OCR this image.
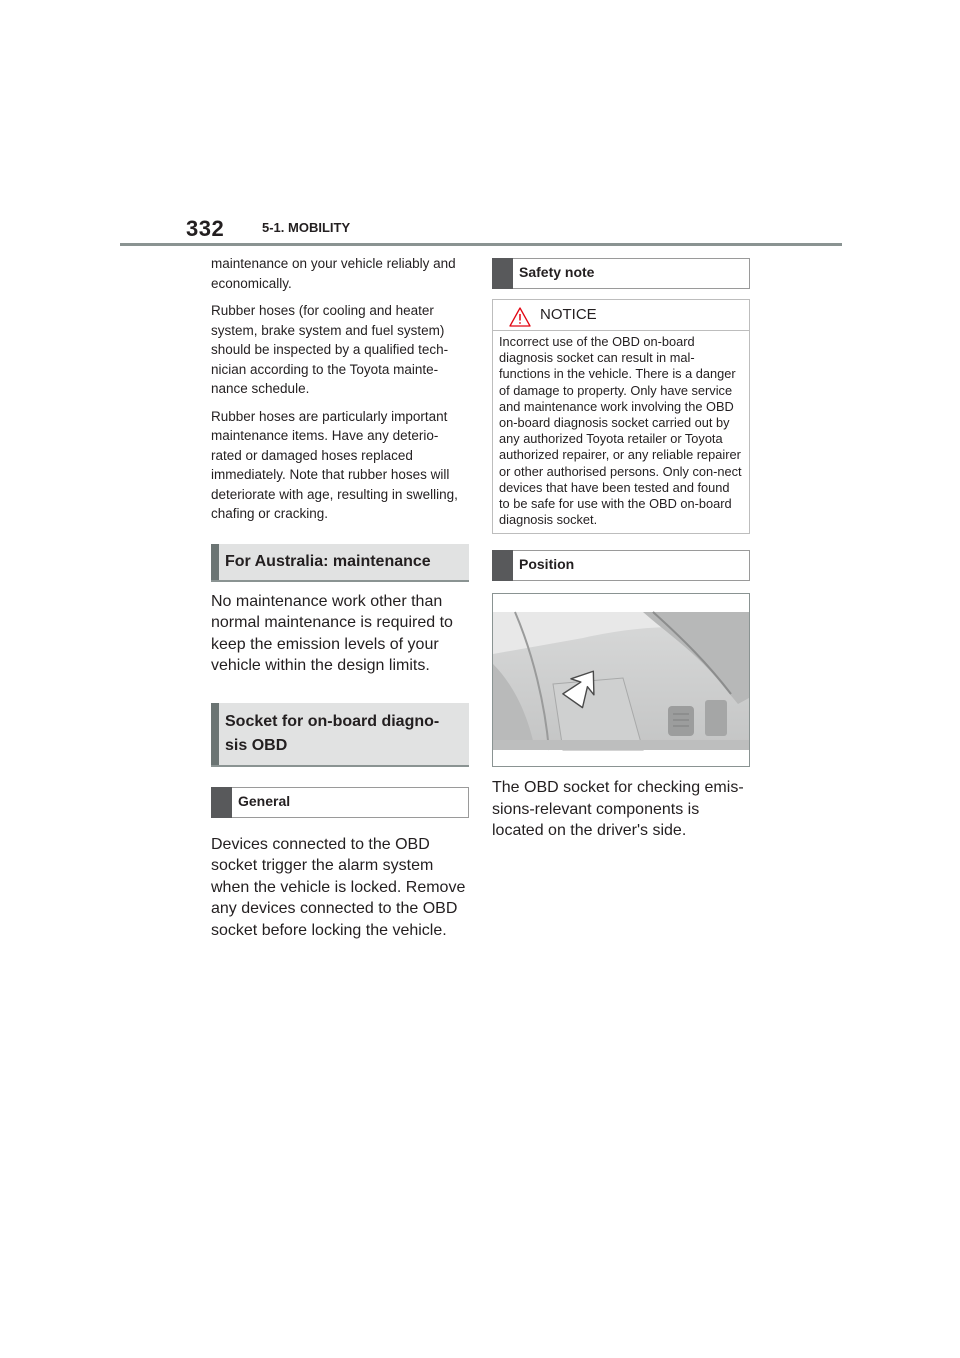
332	5-1. MOBILITY

maintenance on your vehicle reliably and economically.

Rubber hoses (for cooling and heater system, brake system and fuel system) should be inspected by a qualified tech-nician according to the Toyota mainte-nance schedule.

Rubber hoses are particularly important maintenance items. Have any deterio-rated or damaged hoses replaced immediately. Note that rubber hoses will deteriorate with age, resulting in swelling, chafing or cracking.

For Australia: maintenance

No maintenance work other than normal maintenance is required to keep the emission levels of your vehicle within the design limits.

Socket for on-board diagno-sis OBD
General

Devices connected to the OBD socket trigger the alarm system when the vehicle is locked. Remove any devices connected to the OBD socket before locking the vehicle.

Safety note
NOTICE
Incorrect use of the OBD on-board diagnosis socket can result in mal-functions in the vehicle. There is a danger of damage to property. Only have service and maintenance work involving the OBD on-board diagnosis socket carried out by any authorized Toyota retailer or Toyota authorized repairer, or any reliable repairer or other authorised persons. Only con-nect devices that have been tested and found to be safe for use with the OBD on-board diagnosis socket.
Position

The OBD socket for checking emis-sions-relevant components is located on the driver's side.
